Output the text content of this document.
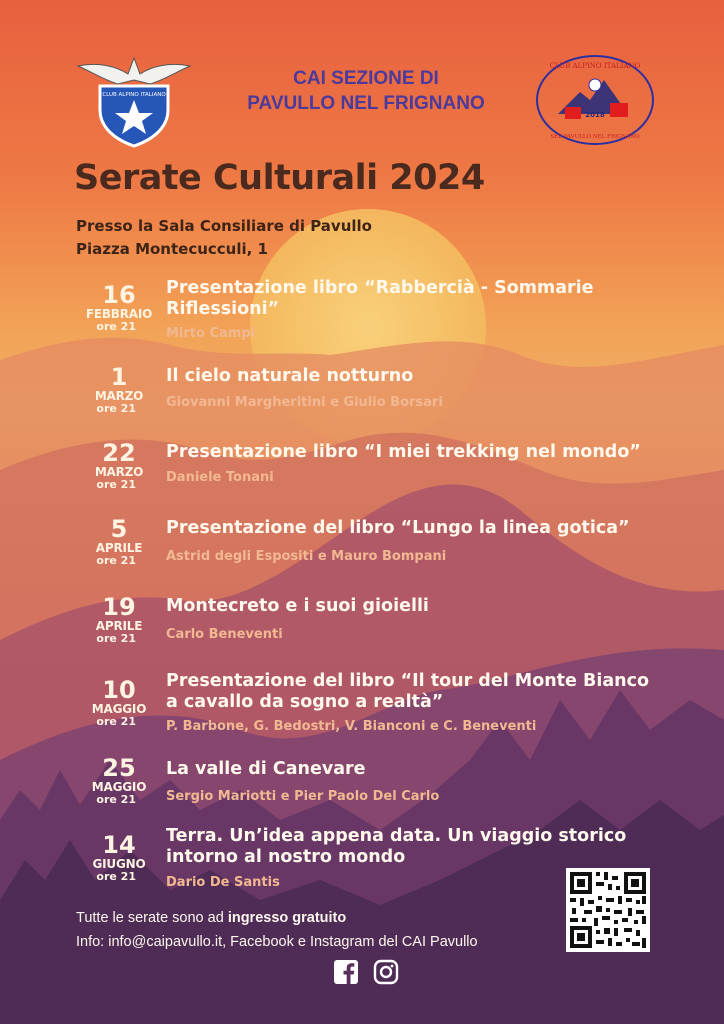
CLUB ALPINO ITALIANO
CAI SEZIONE DI
PAVULLO NEL FRIGNANO
CLUB ALPINO ITALIANO
2018
SEZ PAVULLO NEL FRIGNANO
Serate Culturali 2024
Presso la Sala Consiliare di Pavullo
Piazza Montecucculi, 1
16
FEBBRAIO
ore 21
Presentazione libro “Rabbercià - Sommarie Riflessioni”
Mirto Campi
1
MARZO
ore 21
Il cielo naturale notturno
Giovanni Margheritini e Giulio Borsari
22
MARZO
ore 21
Presentazione libro “I miei trekking nel mondo”
Daniele Tonani
5
APRILE
ore 21
Presentazione del libro “Lungo la linea gotica”
Astrid degli Espositi e Mauro Bompani
19
APRILE
ore 21
Montecreto e i suoi gioielli
Carlo Beneventi
10
MAGGIO
ore 21
Presentazione del libro “Il tour del Monte Bianco a cavallo da sogno a realtà”
P. Barbone, G. Bedostri, V. Bianconi e C. Beneventi
25
MAGGIO
ore 21
La valle di Canevare
Sergio Mariotti e Pier Paolo Del Carlo
14
GIUGNO
ore 21
Terra. Un’idea appena data. Un viaggio storico intorno al nostro mondo
Dario De Santis
Tutte le serate sono ad ingresso gratuito
Info: info@caipavullo.it, Facebook e Instagram del CAI Pavullo
